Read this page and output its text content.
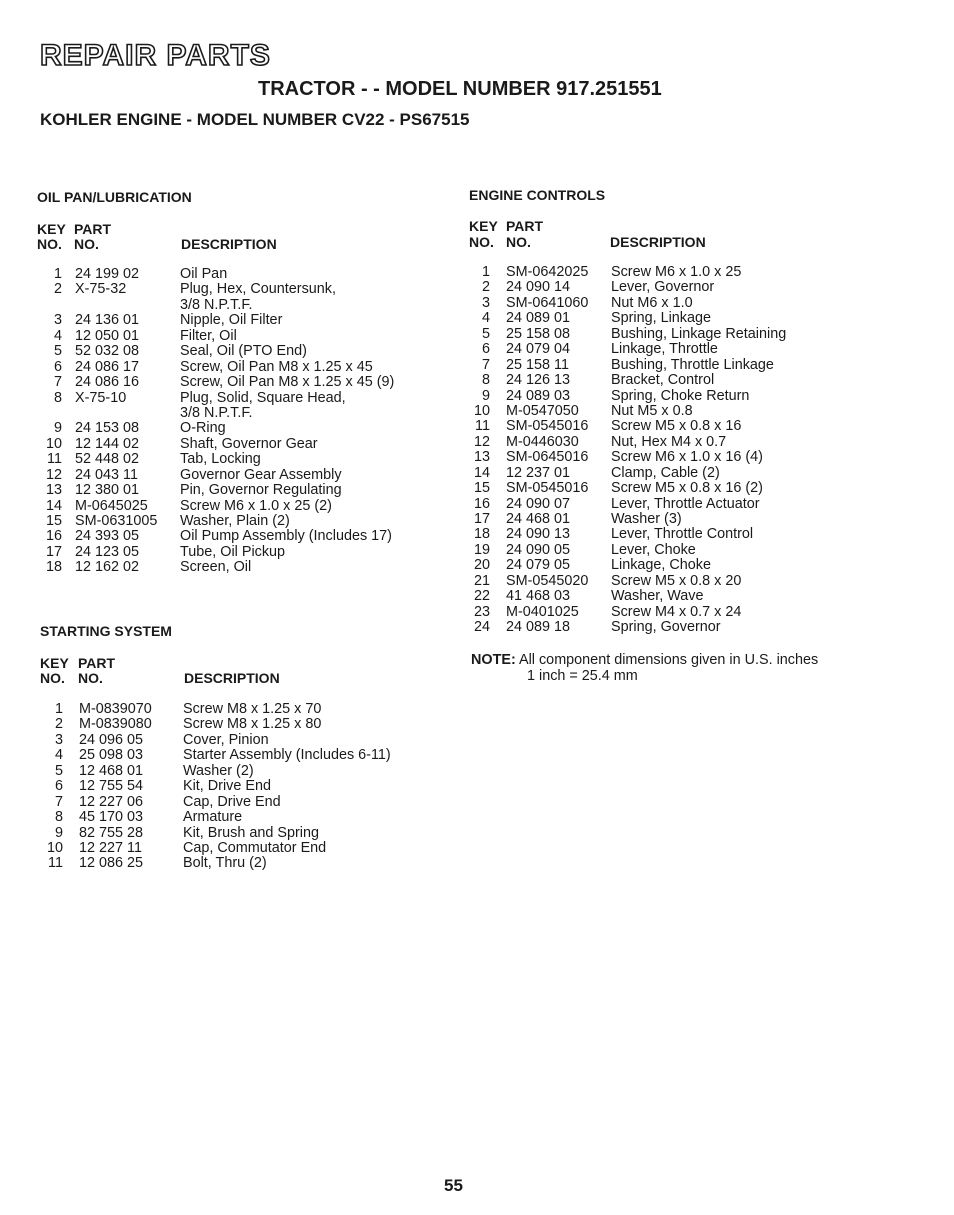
REPAIR PARTS
TRACTOR - - MODEL NUMBER 917.251551
KOHLER ENGINE - MODEL NUMBER CV22 - PS67515
OIL PAN/LUBRICATION
KEY PART
NO. NO.	DESCRIPTION
1 24 199 02	Oil Pan
2 X-75-32	Plug, Hex, Countersunk,
3/8 N.P.T.F.
3 24 136 01	Nipple, Oil Filter
4 12 050 01	Filter, Oil
5 52 032 08	Seal, Oil (PTO End)
6 24 086 17	Screw, Oil Pan M8 x 1.25 x 45
7 24 086 16	Screw, Oil Pan M8 x 1.25 x 45 (9)
8 X-75-10	Plug, Solid, Square Head,
3/8 N.P.T.F.
9 24 153 08	O-Ring
10 12 144 02	Shaft, Governor Gear
11 52 448 02	Tab, Locking
12 24 043 11	Governor Gear Assembly
13 12 380 01	Pin, Governor Regulating
14 M-0645025 Screw M6 x 1.0 x 25 (2)
15 SM-0631005 Washer, Plain (2)
16 24 393 05	Oil Pump Assembly (Includes 17)
17 24 123 05	Tube, Oil Pickup
18 12 162 02	Screen, Oil
STARTING SYSTEM
KEY PART
NO. NO.	DESCRIPTION
1 M-0839070 Screw M8 x 1.25 x 70
2 M-0839080 Screw M8 x 1.25 x 80
3 24 096 05	Cover, Pinion
4 25 098 03	Starter Assembly (Includes 6-11)
5 12 468 01	Washer (2)
6 12 755 54	Kit, Drive End
7 12 227 06	Cap, Drive End
8 45 170 03	Armature
9 82 755 28	Kit, Brush and Spring
10 12 227 11	Cap, Commutator End
11 12 086 25	Bolt, Thru (2)
ENGINE CONTROLS
KEY PART
NO. NO.	DESCRIPTION
1 SM-0642025 Screw M6 x 1.0 x 25
2 24 090 14	Lever, Governor
3 SM-0641060 Nut M6 x 1.0
4 24 089 01	Spring, Linkage
5 25 158 08	Bushing, Linkage Retaining
6 24 079 04	Linkage, Throttle
7 25 158 11	Bushing, Throttle Linkage
8 24 126 13	Bracket, Control
9 24 089 03	Spring, Choke Return
10 M-0547050 Nut M5 x 0.8
11 SM-0545016 Screw M5 x 0.8 x 16
12 M-0446030 Nut, Hex M4 x 0.7
13 SM-0645016 Screw M6 x 1.0 x 16 (4)
14 12 237 01	Clamp, Cable (2)
15 SM-0545016 Screw M5 x 0.8 x 16 (2)
16 24 090 07	Lever, Throttle Actuator
17 24 468 01	Washer (3)
18 24 090 13	Lever, Throttle Control
19 24 090 05	Lever, Choke
20 24 079 05	Linkage, Choke
21 SM-0545020 Screw M5 x 0.8 x 20
22 41 468 03	Washer, Wave
23 M-0401025 Screw M4 x 0.7 x 24
24 24 089 18	Spring, Governor
NOTE: All component dimensions given in U.S. inches
1 inch = 25.4 mm
55
